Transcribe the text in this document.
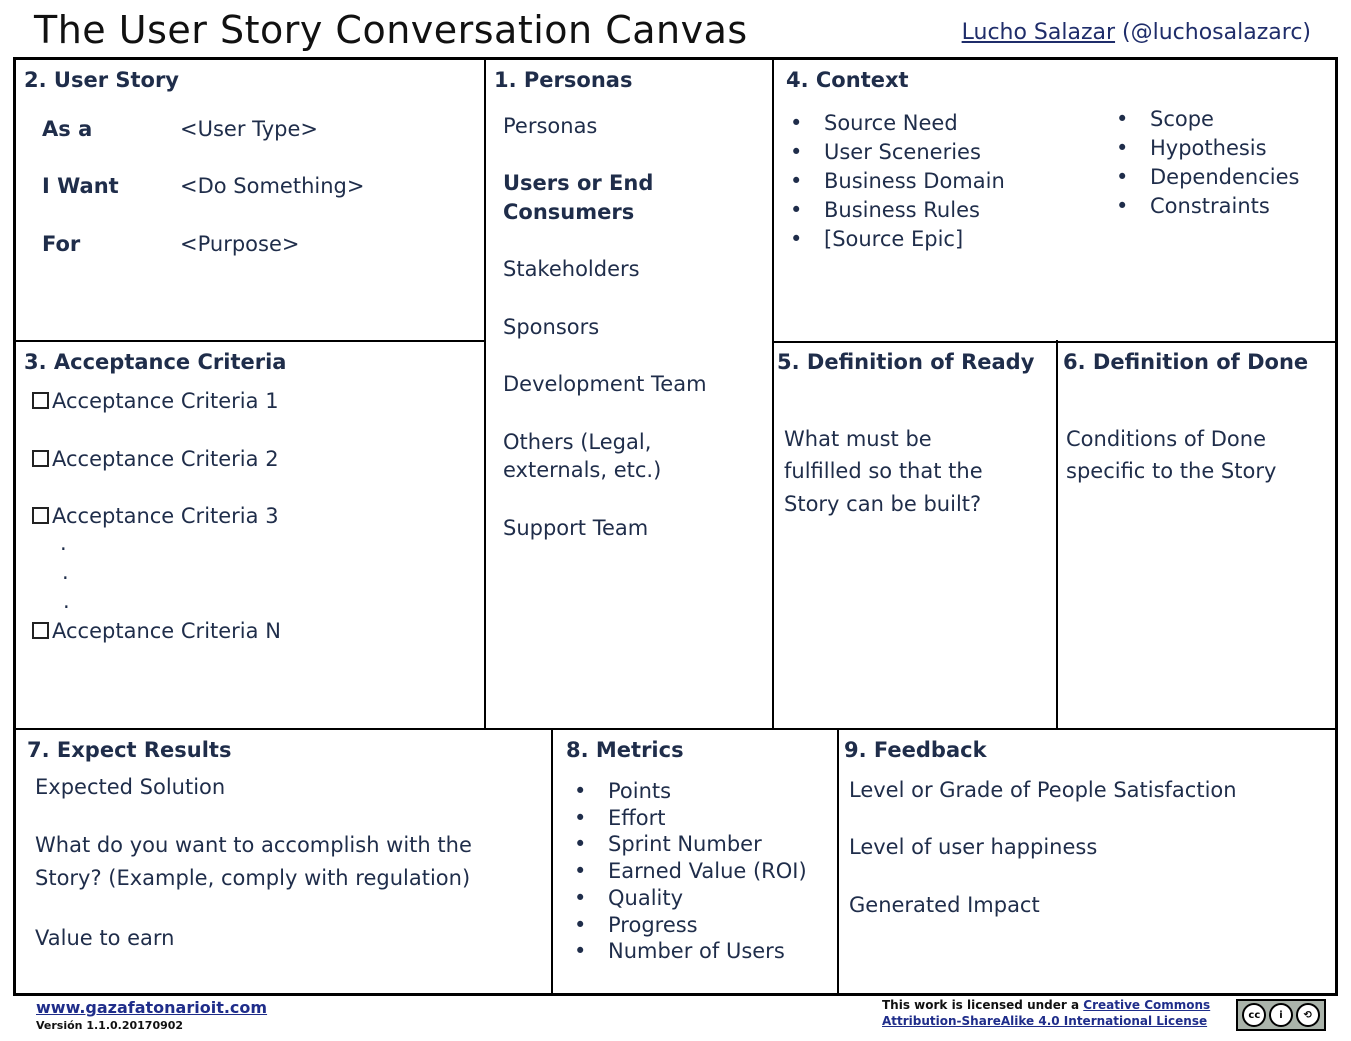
The User Story Conversation Canvas	Lucho Salazar (@luchosalazarc)
2. User Story
As a	<User Type>
I Want	<Do Something>
For	<Purpose>
1. Personas
Personas
Users or End
Consumers
Stakeholders
Sponsors
Development Team
Others (Legal,
externals, etc.)
Support Team
4. Context
• Source Need
• User Sceneries
• Business Domain
• Business Rules
• [Source Epic]
• Scope
• Hypothesis
• Dependencies
• Constraints
3. Acceptance Criteria
Acceptance Criteria 1
Acceptance Criteria 2
Acceptance Criteria 3
.
.
.
Acceptance Criteria N
5. Definition of Ready
What must be
fulfilled so that the
Story can be built?
6. Definition of Done
Conditions of Done
specific to the Story
7. Expect Results
Expected Solution
What do you want to accomplish with the
Story? (Example, comply with regulation)
Value to earn
8. Metrics
• Points
• Effort
• Sprint Number
• Earned Value (ROI)
• Quality
• Progress
• Number of Users
9. Feedback
Level or Grade of People Satisfaction
Level of user happiness
Generated Impact
www.gazafatonarioit.com
Versión 1.1.0.20170902
This work is licensed under a Creative Commons Attribution-ShareAlike 4.0 International License	cc	i	⟲
